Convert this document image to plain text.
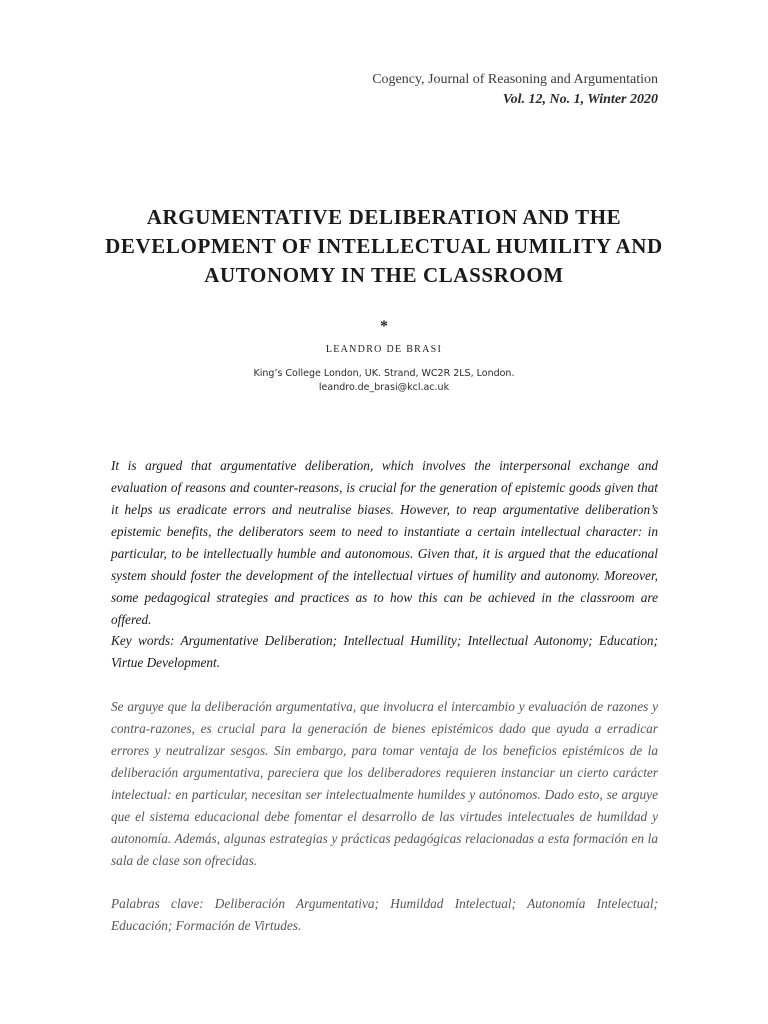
Cogency, Journal of Reasoning and Argumentation
Vol. 12, No. 1, Winter 2020
ARGUMENTATIVE DELIBERATION AND THE DEVELOPMENT OF INTELLECTUAL HUMILITY AND AUTONOMY IN THE CLASSROOM
*
LEANDRO DE BRASI
King’s College London, UK. Strand, WC2R 2LS, London.
leandro.de_brasi@kcl.ac.uk

It is argued that argumentative deliberation, which involves the interpersonal exchange and evaluation of reasons and counter-reasons, is crucial for the generation of epistemic goods given that it helps us eradicate errors and neutralise biases. However, to reap argumentative deliberation’s epistemic benefits, the deliberators seem to need to instantiate a certain intellectual character: in particular, to be intellectually humble and autonomous. Given that, it is argued that the educational system should foster the development of the intellectual virtues of humility and autonomy. Moreover, some pedagogical strategies and practices as to how this can be achieved in the classroom are offered.

Key words: Argumentative Deliberation; Intellectual Humility; Intellectual Autonomy; Education; Virtue Development.

Se arguye que la deliberación argumentativa, que involucra el intercambio y evaluación de razones y contra-razones, es crucial para la generación de bienes epistémicos dado que ayuda a erradicar errores y neutralizar sesgos. Sin embargo, para tomar ventaja de los beneficios epistémicos de la deliberación argumentativa, pareciera que los deliberadores requieren instanciar un cierto carácter intelectual: en particular, necesitan ser intelectualmente humildes y autónomos. Dado esto, se arguye que el sistema educacional debe fomentar el desarrollo de las virtudes intelectuales de humildad y autonomía. Además, algunas estrategias y prácticas pedagógicas relacionadas a esta formación en la sala de clase son ofrecidas.

Palabras clave: Deliberación Argumentativa; Humildad Intelectual; Autonomía Intelectual; Educación; Formación de Virtudes.
